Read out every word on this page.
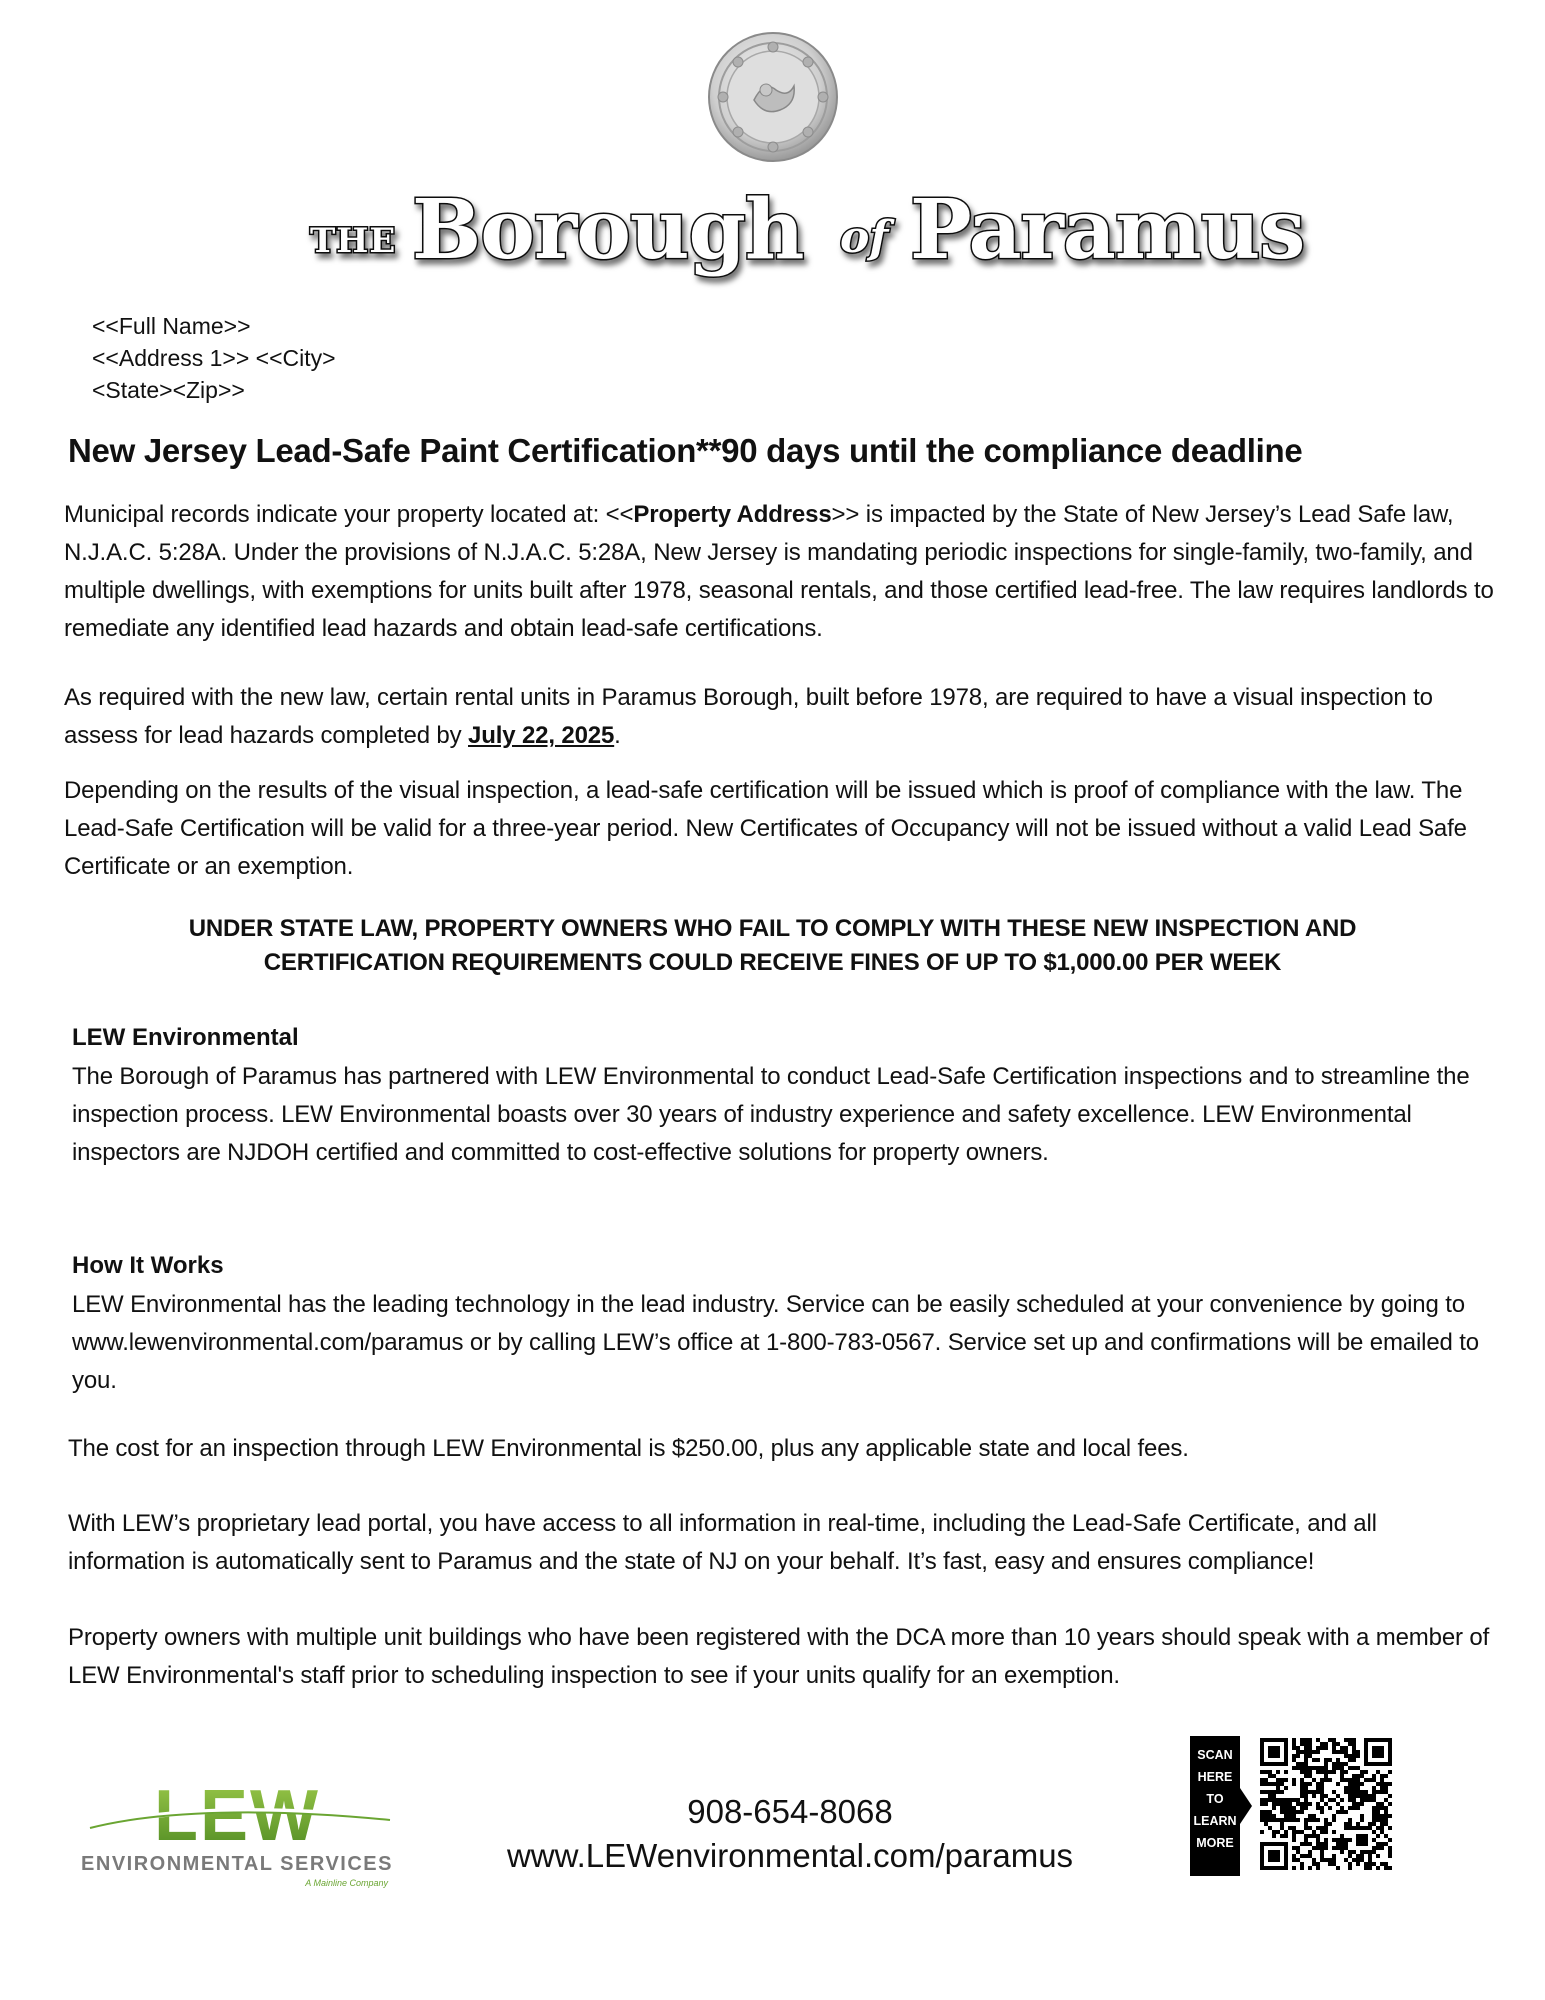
THE Borough of Paramus
<<Full Name>>
<<Address 1>> <<City>
<State><Zip>>
New Jersey Lead-Safe Paint Certification**90 days until the compliance deadline

Municipal records indicate your property located at: <<Property Address>> is impacted by the State of New Jersey’s Lead Safe law, N.J.A.C. 5:28A. Under the provisions of N.J.A.C. 5:28A, New Jersey is mandating periodic inspections for single-family, two-family, and multiple dwellings, with exemptions for units built after 1978, seasonal rentals, and those certified lead-free. The law requires landlords to remediate any identified lead hazards and obtain lead-safe certifications.

As required with the new law, certain rental units in Paramus Borough, built before 1978, are required to have a visual inspection to assess for lead hazards completed by July 22, 2025.

Depending on the results of the visual inspection, a lead-safe certification will be issued which is proof of compliance with the law. The Lead-Safe Certification will be valid for a three-year period. New Certificates of Occupancy will not be issued without a valid Lead Safe Certificate or an exemption.

UNDER STATE LAW, PROPERTY OWNERS WHO FAIL TO COMPLY WITH THESE NEW INSPECTION AND
CERTIFICATION REQUIREMENTS COULD RECEIVE FINES OF UP TO $1,000.00 PER WEEK
LEW Environmental

The Borough of Paramus has partnered with LEW Environmental to conduct Lead-Safe Certification inspections and to streamline the inspection process. LEW Environmental boasts over 30 years of industry experience and safety excellence. LEW Environmental inspectors are NJDOH certified and committed to cost-effective solutions for property owners.

How It Works

LEW Environmental has the leading technology in the lead industry. Service can be easily scheduled at your convenience by going to www.lewenvironmental.com/paramus or by calling LEW’s office at 1-800-783-0567. Service set up and confirmations will be emailed to you.

The cost for an inspection through LEW Environmental is $250.00, plus any applicable state and local fees.

With LEW’s proprietary lead portal, you have access to all information in real-time, including the Lead-Safe Certificate, and all information is automatically sent to Paramus and the state of NJ on your behalf. It’s fast, easy and ensures compliance!

Property owners with multiple unit buildings who have been registered with the DCA more than 10 years should speak with a member of LEW Environmental's staff prior to scheduling inspection to see if your units qualify for an exemption.

LEW
ENVIRONMENTAL SERVICES
A Mainline Company
908-654-8068
www.LEWenvironmental.com/paramus
SCAN
HERE
TO
LEARN
MORE
